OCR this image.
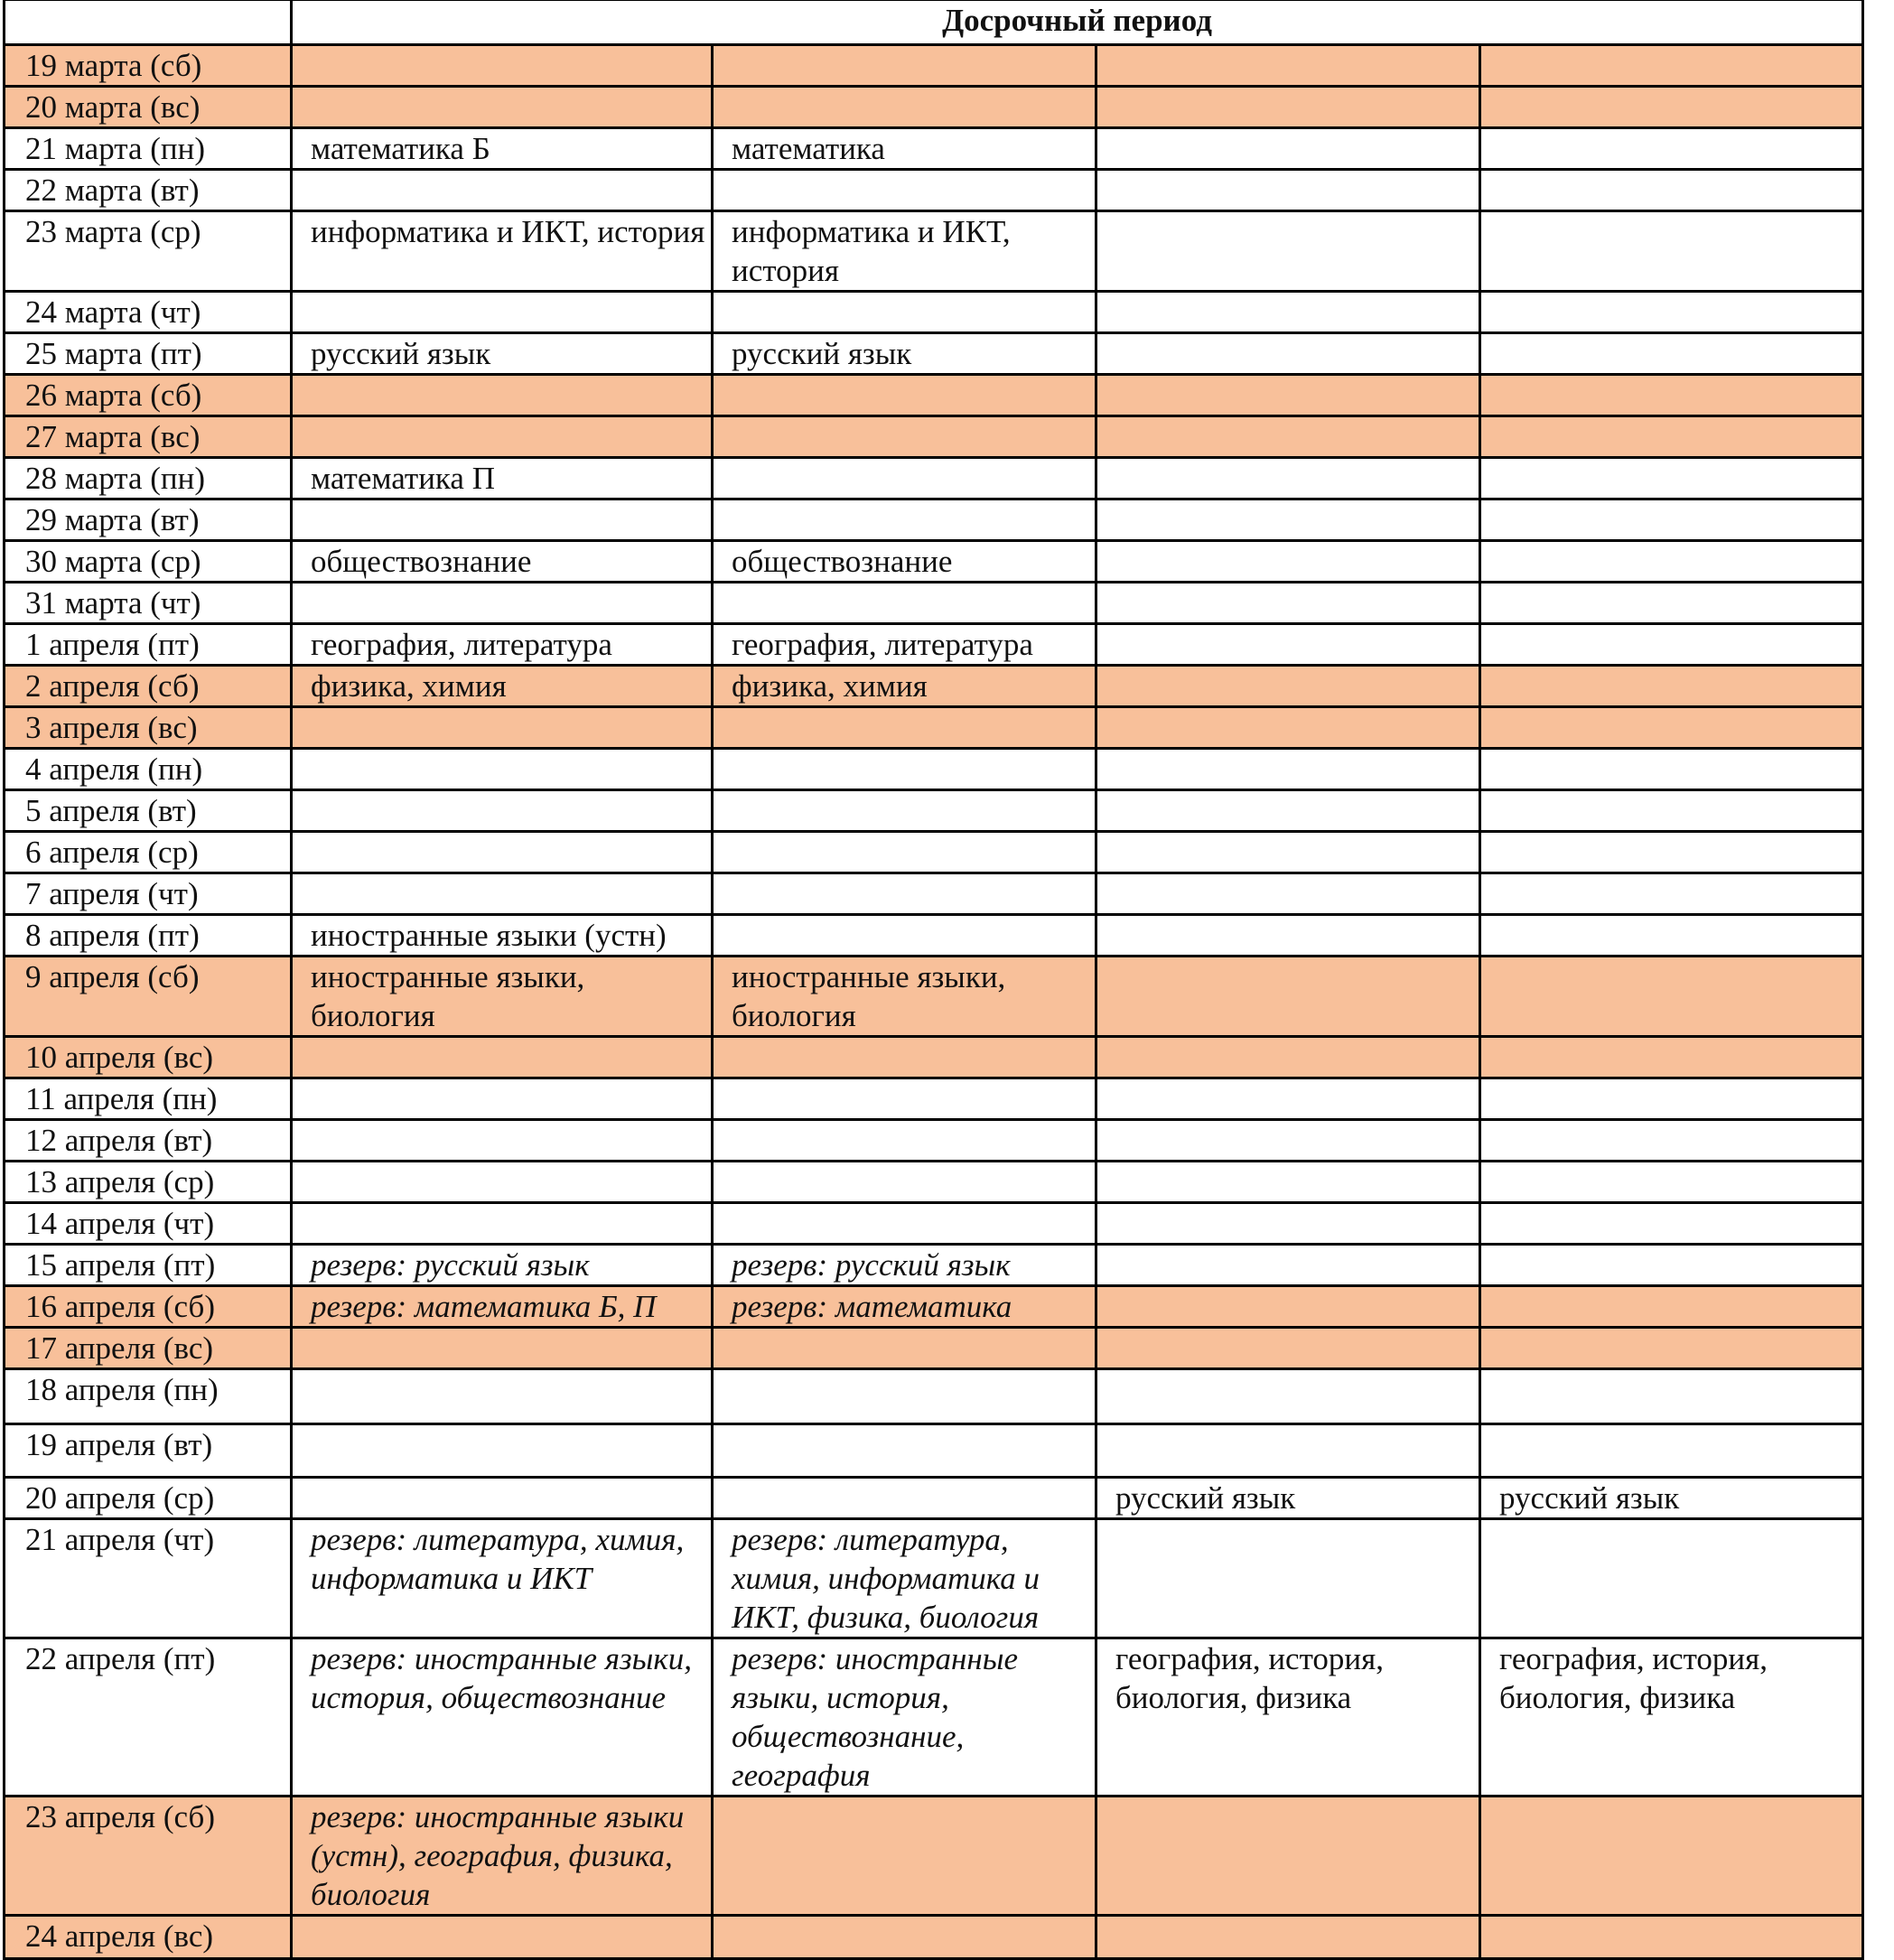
	Досрочный период			
19 марта (сб)				
20 марта (вс)				
21 марта (пн)	математика Б	математика		
22 марта (вт)				
23 марта (ср)	информатика и ИКТ, история	информатика и ИКТ, история		
24 марта (чт)				
25 марта (пт)	русский язык	русский язык		
26 марта (сб)				
27 марта (вс)				
28 марта (пн)	математика П			
29 марта (вт)				
30 марта (ср)	обществознание	обществознание		
31 марта (чт)				
1 апреля (пт)	география, литература	география, литература		
2 апреля (сб)	физика, химия	физика, химия		
3 апреля (вс)				
4 апреля (пн)				
5 апреля (вт)				
6 апреля (ср)				
7 апреля (чт)				
8 апреля (пт)	иностранные языки (устн)			
9 апреля (сб)	иностранные языки, биология	иностранные языки, биология		
10 апреля (вс)				
11 апреля (пн)				
12 апреля (вт)				
13 апреля (ср)				
14 апреля (чт)				
15 апреля (пт)	резерв: русский язык	резерв: русский язык		
16 апреля (сб)	резерв: математика Б, П	резерв: математика		
17 апреля (вс)				
18 апреля (пн)				
19 апреля (вт)				
20 апреля (ср)			русский язык	русский язык
21 апреля (чт)	резерв: литература, химия, информатика и ИКТ	резерв: литература, химия, информатика и ИКТ, физика, биология		
22 апреля (пт)	резерв: иностранные языки, история, обществознание	резерв: иностранные языки, история, обществознание, география	география, история, биология, физика	география, история, биология, физика
23 апреля (сб)	резерв: иностранные языки (устн), география, физика, биология			
24 апреля (вс)				
